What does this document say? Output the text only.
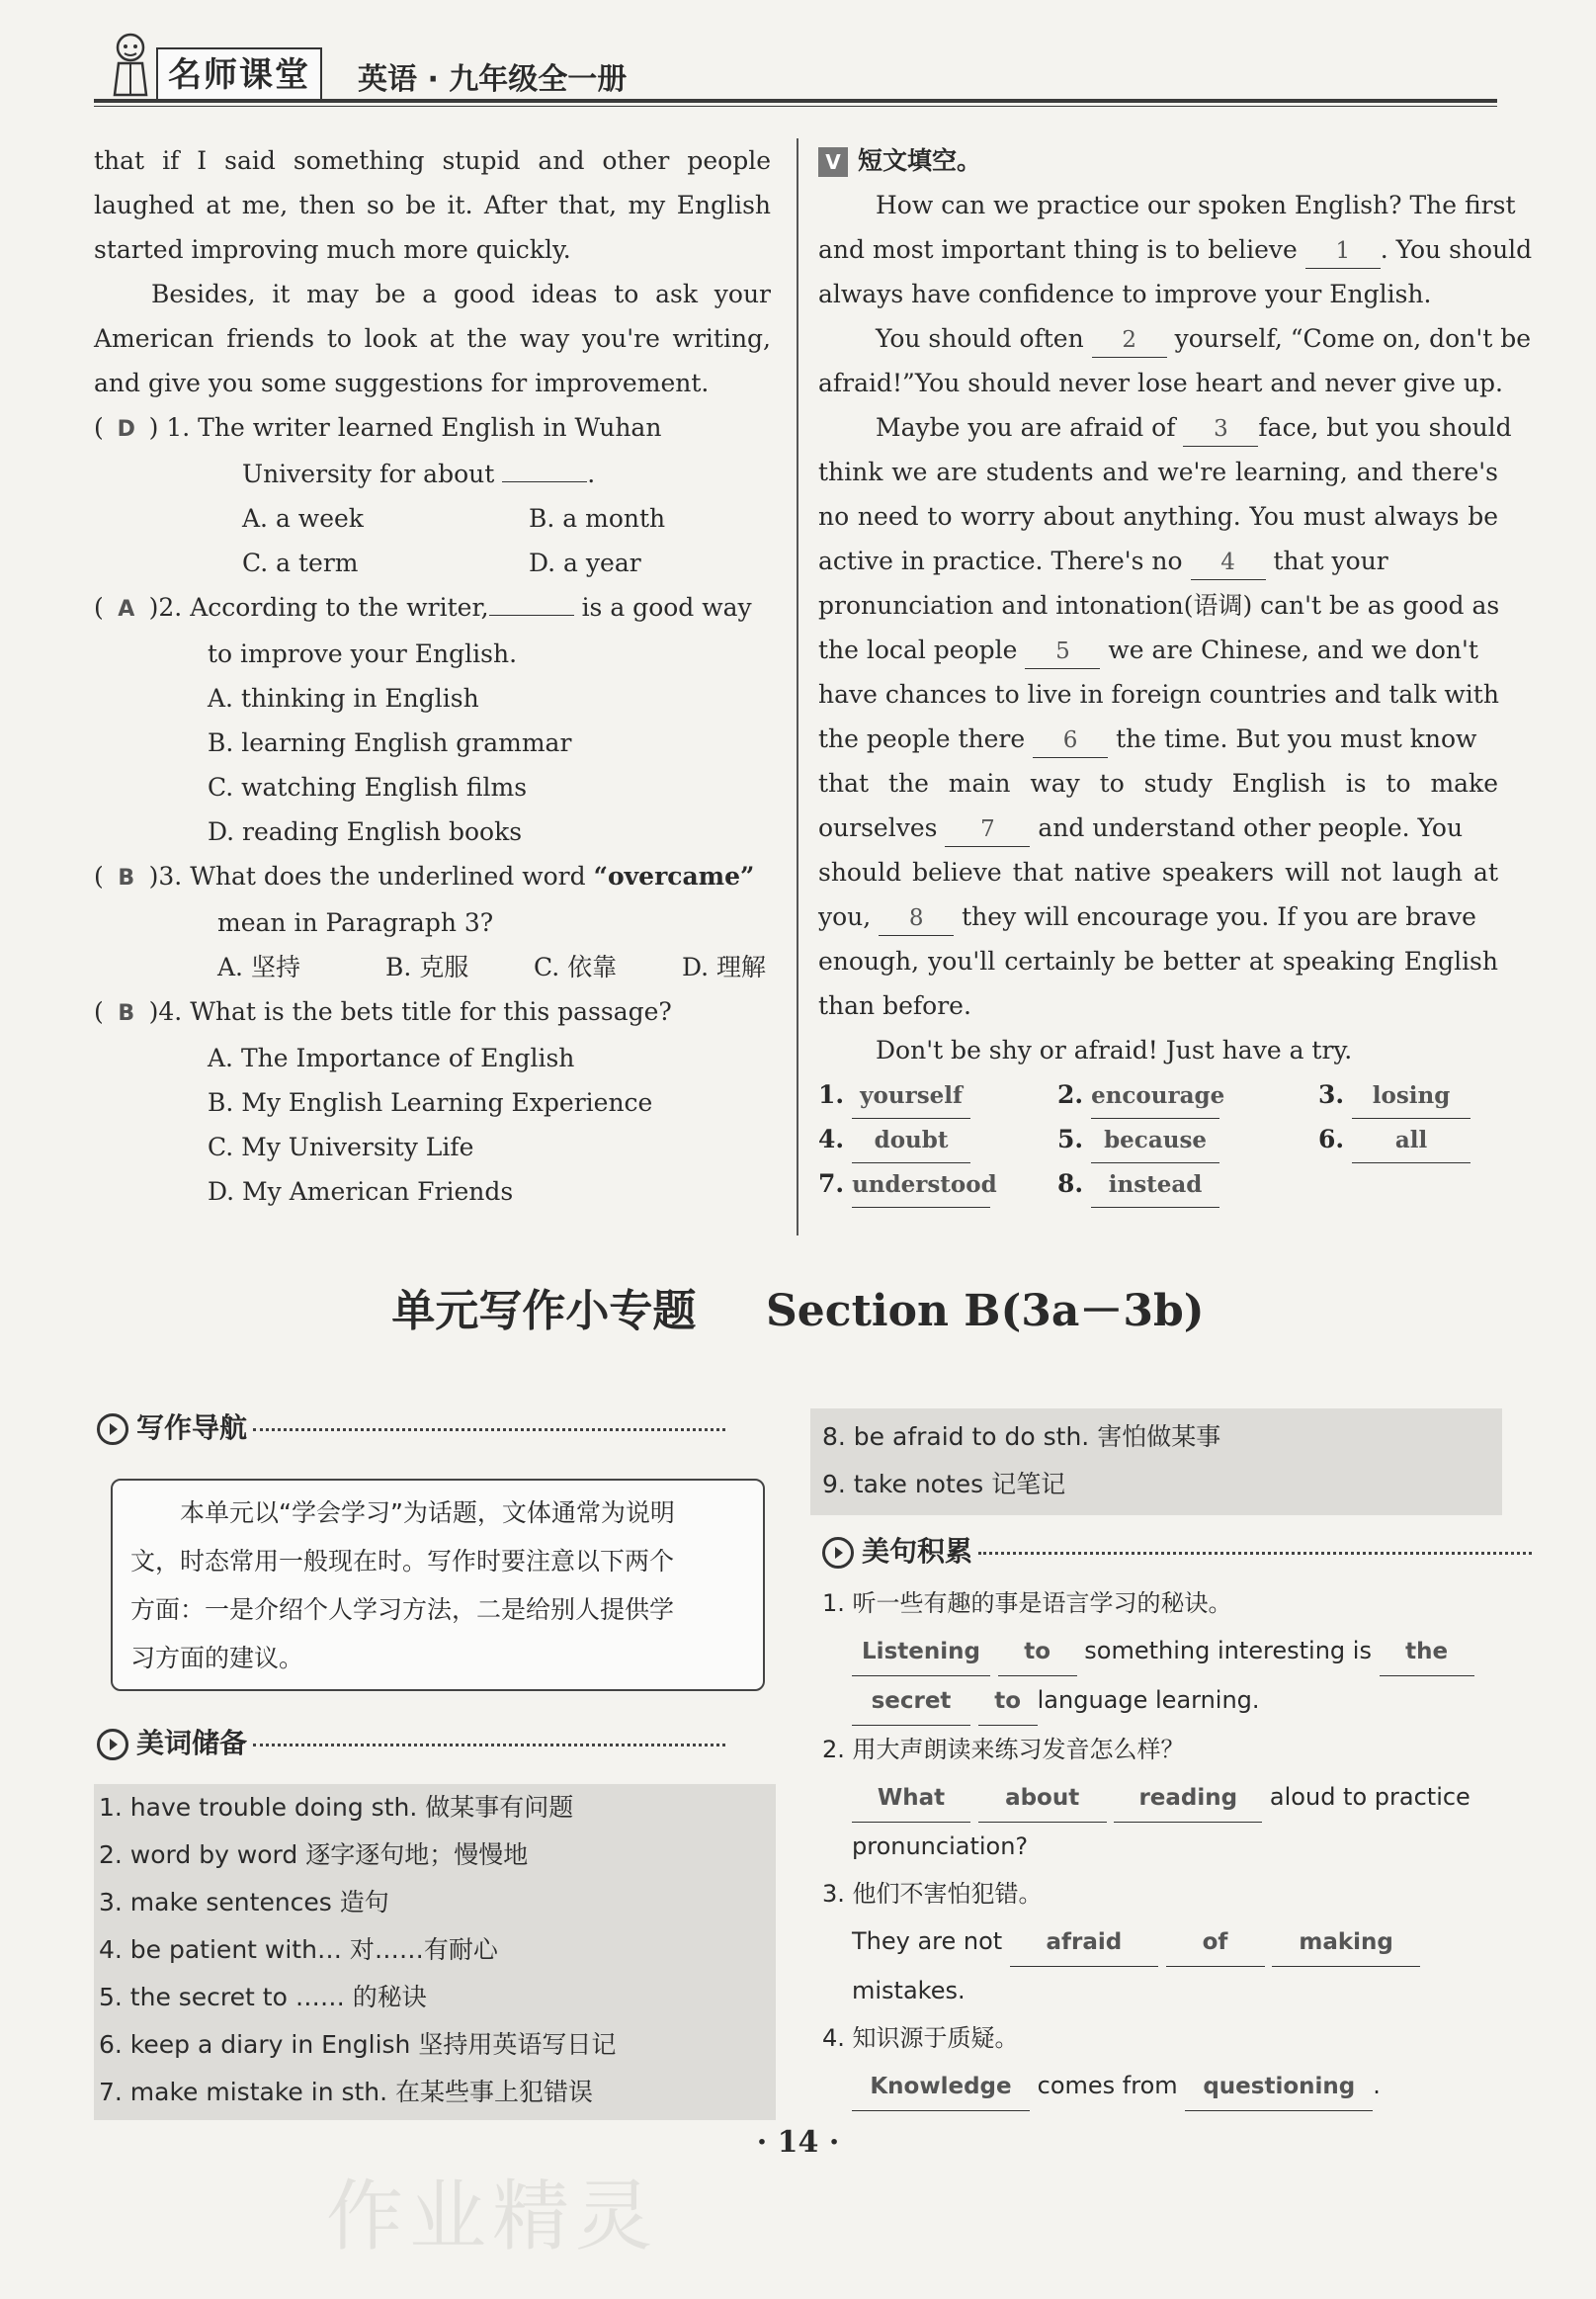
名师课堂	英语 · 九年级全一册
that if I said something stupid and other people
laughed at me, then so be it. After that, my English
started improving much more quickly.
Besides, it may be a good ideas to ask your
American friends to look at the way you're writing,
and give you some suggestions for improvement.
( D ) 1. The writer learned English in Wuhan
University for about	.
A. a week	B. a month
C. a term	D. a year
( A )2. According to the writer,	is a good way
to improve your English.
A. thinking in English
B. learning English grammar
C. watching English films
D. reading English books
( B )3. What does the underlined word “overcame”
mean in Paragraph 3?
A. 坚持	B. 克服	C. 依靠	D. 理解
( B )4. What is the bets title for this passage?
A. The Importance of English
B. My English Learning Experience
C. My University Life
D. My American Friends
V 短文填空。
How can we practice our spoken English? The first
and most important thing is to believe 1 . You should
always have confidence to improve your English.
You should often 2 yourself, “Come on, don't be
afraid!”You should never lose heart and never give up.
Maybe you are afraid of 3 face, but you should
think we are students and we're learning, and there's
no need to worry about anything. You must always be
active in practice. There's no 4 that your
pronunciation and intonation(语调) can't be as good as
the local people 5 we are Chinese, and we don't
have chances to live in foreign countries and talk with
the people there 6 the time. But you must know
that the main way to study English is to make
ourselves 7 and understand other people. You
should believe that native speakers will not laugh at
you, 8 they will encourage you. If you are brave
enough, you'll certainly be better at speaking English
than before.
Don't be shy or afraid! Just have a try.
1. yourself	2. encourage	3. losing
4. doubt	5. because	6. all
7. understood 8. instead
单元写作小专题 Section B(3a－3b)
写作导航
本单元以“学会学习”为话题，文体通常为说明
文，时态常用一般现在时。写作时要注意以下两个
方面：一是介绍个人学习方法，二是给别人提供学
习方面的建议。
美词储备
1. have trouble doing sth. 做某事有问题
2. word by word 逐字逐句地；慢慢地
3. make sentences 造句
4. be patient with… 对……有耐心
5. the secret to …… 的秘诀
6. keep a diary in English 坚持用英语写日记
7. make mistake in sth. 在某些事上犯错误
8. be afraid to do sth. 害怕做某事
9. take notes 记笔记
美句积累
1. 听一些有趣的事是语言学习的秘诀。
Listening to something interesting is the
secret to language learning.
2. 用大声朗读来练习发音怎么样？
What	about	reading aloud to practice
pronunciation?
3. 他们不害怕犯错。
They are not afraid	of	making
mistakes.
4. 知识源于质疑。
Knowledge comes from questioning .
· 14 ·
作业精灵
